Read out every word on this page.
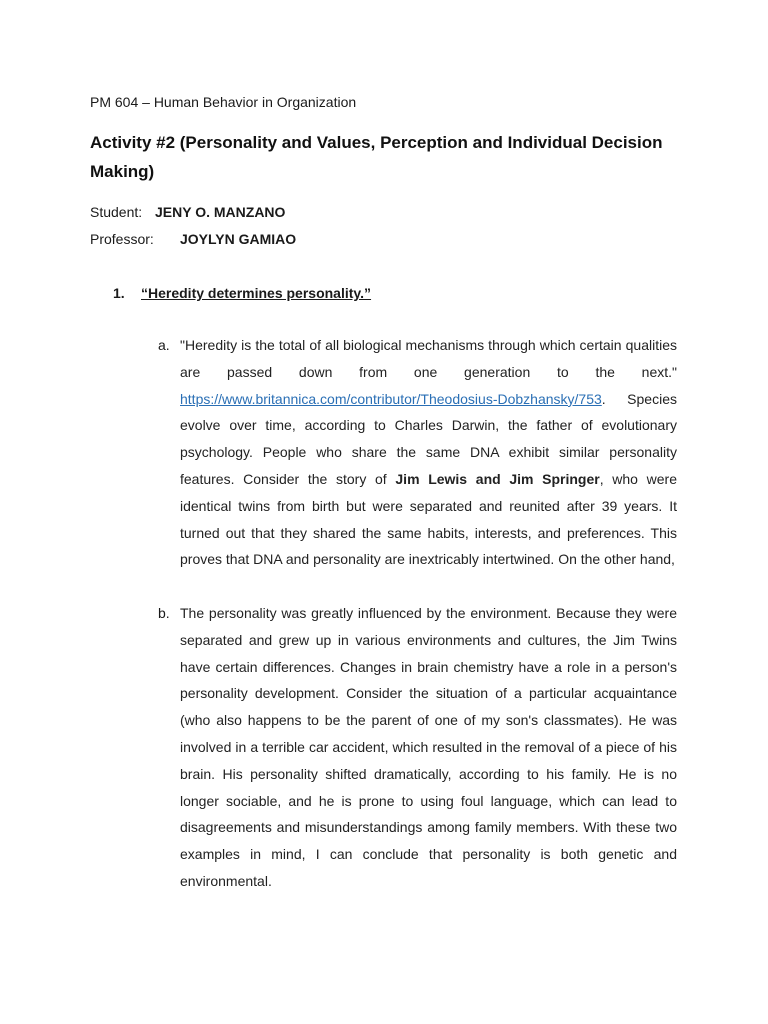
PM 604 – Human Behavior in Organization
Activity #2 (Personality and Values, Perception and Individual Decision Making)
Student: JENY O. MANZANO
Professor: JOYLYN GAMIAO
1. “Heredity determines personality.”
a. "Heredity is the total of all biological mechanisms through which certain qualities are passed down from one generation to the next." https://www.britannica.com/contributor/Theodosius-Dobzhansky/753. Species evolve over time, according to Charles Darwin, the father of evolutionary psychology. People who share the same DNA exhibit similar personality features. Consider the story of Jim Lewis and Jim Springer, who were identical twins from birth but were separated and reunited after 39 years. It turned out that they shared the same habits, interests, and preferences. This proves that DNA and personality are inextricably intertwined. On the other hand,
b. The personality was greatly influenced by the environment. Because they were separated and grew up in various environments and cultures, the Jim Twins have certain differences. Changes in brain chemistry have a role in a person's personality development. Consider the situation of a particular acquaintance (who also happens to be the parent of one of my son's classmates). He was involved in a terrible car accident, which resulted in the removal of a piece of his brain. His personality shifted dramatically, according to his family. He is no longer sociable, and he is prone to using foul language, which can lead to disagreements and misunderstandings among family members. With these two examples in mind, I can conclude that personality is both genetic and environmental.
